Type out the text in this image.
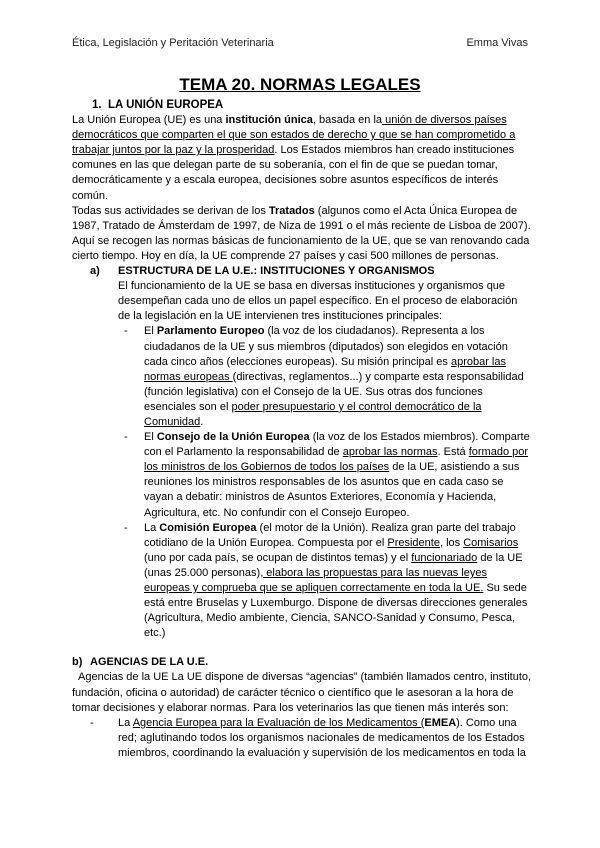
Ética, Legislación y Peritación Veterinaria	Emma Vivas
TEMA 20. NORMAS LEGALES
1. LA UNIÓN EUROPEA

La Unión Europea (UE) es una institución única, basada en la unión de diversos países democráticos que comparten el que son estados de derecho y que se han comprometido a trabajar juntos por la paz y la prosperidad. Los Estados miembros han creado instituciones comunes en las que delegan parte de su soberanía, con el fin de que se puedan tomar, democráticamente y a escala europea, decisiones sobre asuntos específicos de interés común.

Todas sus actividades se derivan de los Tratados (algunos como el Acta Única Europea de 1987, Tratado de Ámsterdam de 1997, de Niza de 1991 o el más reciente de Lisboa de 2007). Aquí se recogen las normas básicas de funcionamiento de la UE, que se van renovando cada cierto tiempo. Hoy en día, la UE comprende 27 países y casi 500 millones de personas.

a) ESTRUCTURA DE LA U.E.: INSTITUCIONES Y ORGANISMOS

El funcionamiento de la UE se basa en diversas instituciones y organismos que desempeñan cada uno de ellos un papel específico. En el proceso de elaboración de la legislación en la UE intervienen tres instituciones principales:

- El Parlamento Europeo (la voz de los ciudadanos). Representa a los ciudadanos de la UE y sus miembros (diputados) son elegidos en votación cada cinco años (elecciones europeas). Su misión principal es aprobar las normas europeas (directivas, reglamentos...) y comparte esta responsabilidad (función legislativa) con el Consejo de la UE. Sus otras dos funciones esenciales son el poder presupuestario y el control democrático de la Comunidad.
- El Consejo de la Unión Europea (la voz de los Estados miembros). Comparte con el Parlamento la responsabilidad de aprobar las normas. Está formado por los ministros de los Gobiernos de todos los países de la UE, asistiendo a sus reuniones los ministros responsables de los asuntos que en cada caso se vayan a debatir: ministros de Asuntos Exteriores, Economía y Hacienda, Agricultura, etc. No confundir con el Consejo Europeo.
- La Comisión Europea (el motor de la Unión). Realiza gran parte del trabajo cotidiano de la Unión Europea. Compuesta por el Presidente, los Comisarios (uno por cada país, se ocupan de distintos temas) y el funcionariado de la UE (unas 25.000 personas), elabora las propuestas para las nuevas leyes europeas y comprueba que se apliquen correctamente en toda la UE. Su sede está entre Bruselas y Luxemburgo. Dispone de diversas direcciones generales (Agricultura, Medio ambiente, Ciencia, SANCO-Sanidad y Consumo, Pesca, etc.)
b) AGENCIAS DE LA U.E.

Agencias de la UE La UE dispone de diversas “agencias” (también llamados centro, instituto, fundación, oficina o autoridad) de carácter técnico o científico que le asesoran a la hora de tomar decisiones y elaborar normas. Para los veterinarios las que tienen más interés son:

- La Agencia Europea para la Evaluación de los Medicamentos (EMEA). Como una red; aglutinando todos los organismos nacionales de medicamentos de los Estados miembros, coordinando la evaluación y supervisión de los medicamentos en toda la
